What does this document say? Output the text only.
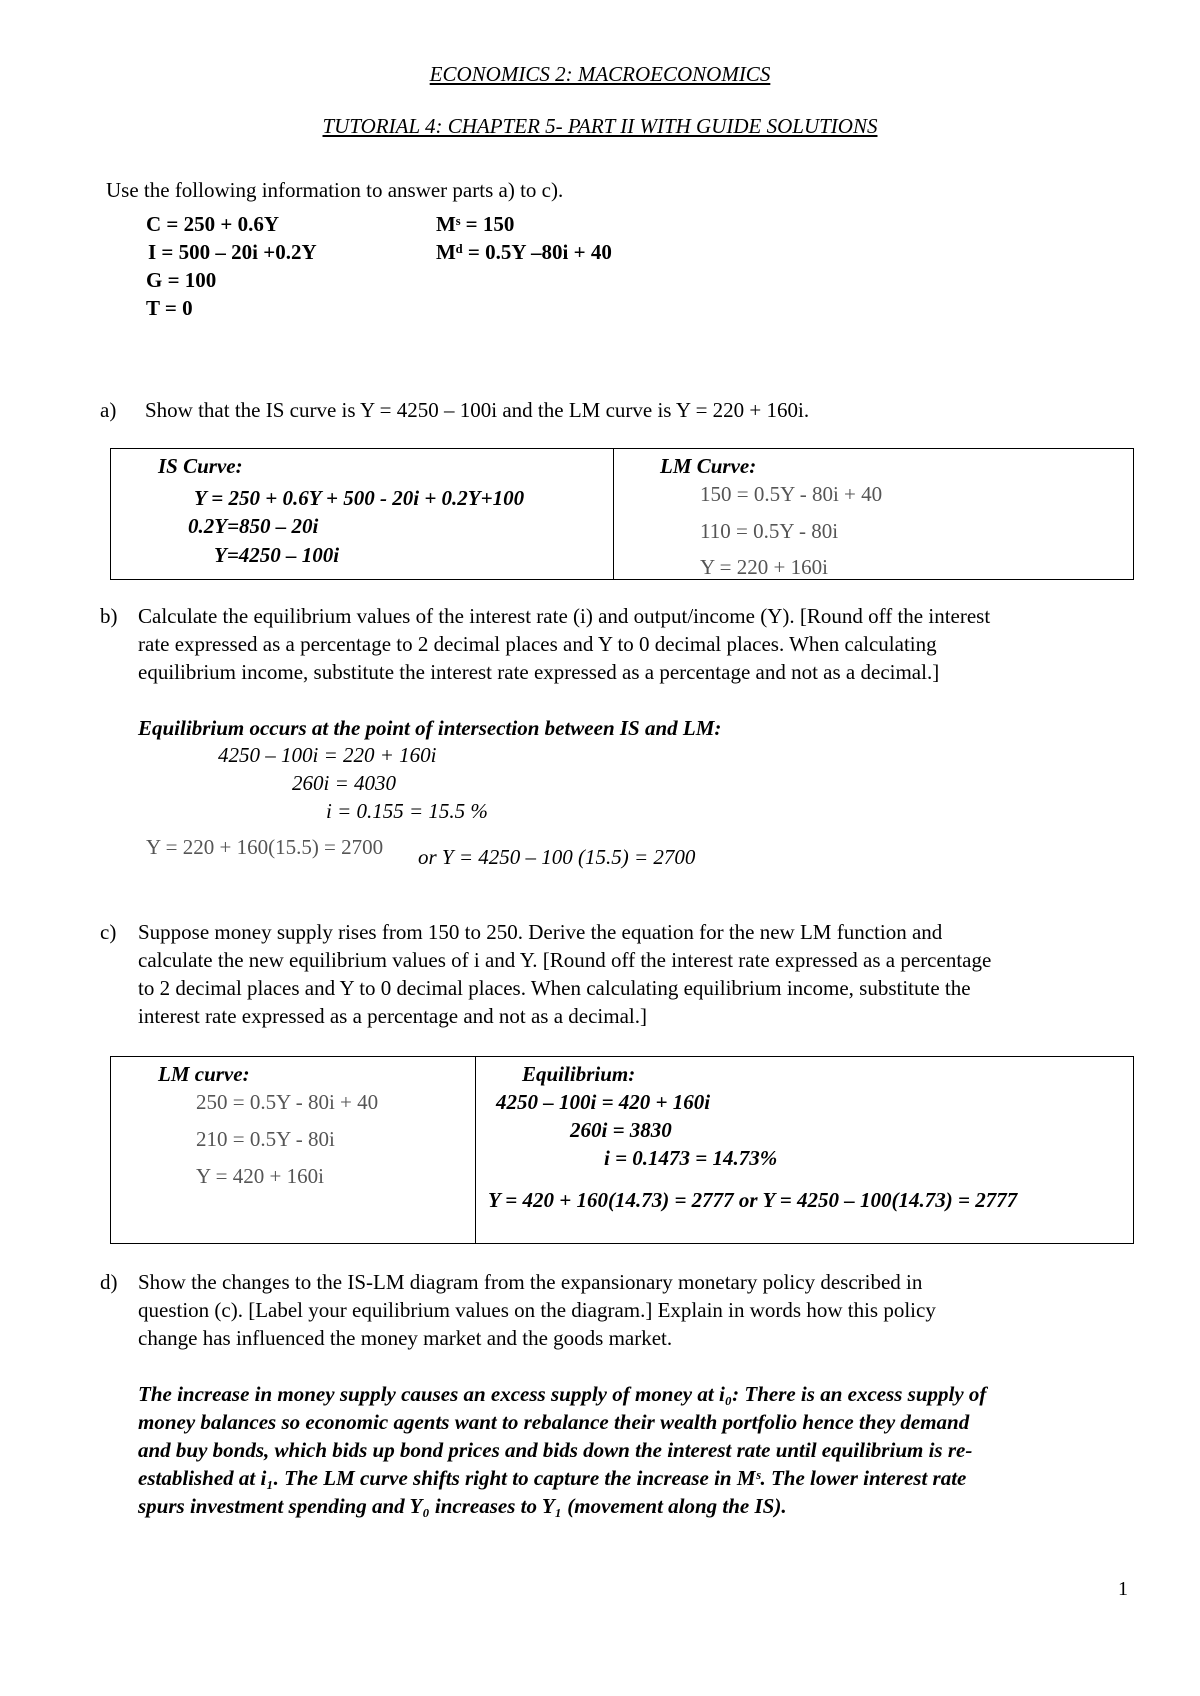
ECONOMICS 2: MACROECONOMICS
TUTORIAL 4: CHAPTER 5- PART II WITH GUIDE SOLUTIONS
Use the following information to answer parts a) to c).
C = 250 + 0.6Y
I = 500 – 20i +0.2Y
G = 100
T = 0
Mˢ = 150
Mᵈ = 0.5Y –80i + 40
a) Show that the IS curve is Y = 4250 – 100i and the LM curve is Y = 220 + 160i.
IS Curve:
Y = 250 + 0.6Y + 500 - 20i + 0.2Y+100
0.2Y=850 – 20i
Y=4250 – 100i
LM Curve:
150 = 0.5Y - 80i + 40
110 = 0.5Y - 80i
Y = 220 + 160i
b) Calculate the equilibrium values of the interest rate (i) and output/income (Y). [Round off the interest
rate expressed as a percentage to 2 decimal places and Y to 0 decimal places. When calculating
equilibrium income, substitute the interest rate expressed as a percentage and not as a decimal.]
Equilibrium occurs at the point of intersection between IS and LM:
4250 – 100i = 220 + 160i
260i = 4030
i = 0.155 = 15.5 %
Y = 220 + 160(15.5) = 2700 or Y = 4250 – 100 (15.5) = 2700
c) Suppose money supply rises from 150 to 250. Derive the equation for the new LM function and
calculate the new equilibrium values of i and Y. [Round off the interest rate expressed as a percentage
to 2 decimal places and Y to 0 decimal places. When calculating equilibrium income, substitute the
interest rate expressed as a percentage and not as a decimal.]
LM curve:
250 = 0.5Y - 80i + 40
210 = 0.5Y - 80i
Y = 420 + 160i
Equilibrium:
4250 – 100i = 420 + 160i
260i = 3830
i = 0.1473 = 14.73%
Y = 420 + 160(14.73) = 2777 or Y = 4250 – 100(14.73) = 2777
d) Show the changes to the IS-LM diagram from the expansionary monetary policy described in
question (c). [Label your equilibrium values on the diagram.] Explain in words how this policy
change has influenced the money market and the goods market.
The increase in money supply causes an excess supply of money at i₀: There is an excess supply of
money balances so economic agents want to rebalance their wealth portfolio hence they demand
and buy bonds, which bids up bond prices and bids down the interest rate until equilibrium is re-
established at i₁. The LM curve shifts right to capture the increase in Mˢ. The lower interest rate
spurs investment spending and Y₀ increases to Y₁ (movement along the IS).
1
